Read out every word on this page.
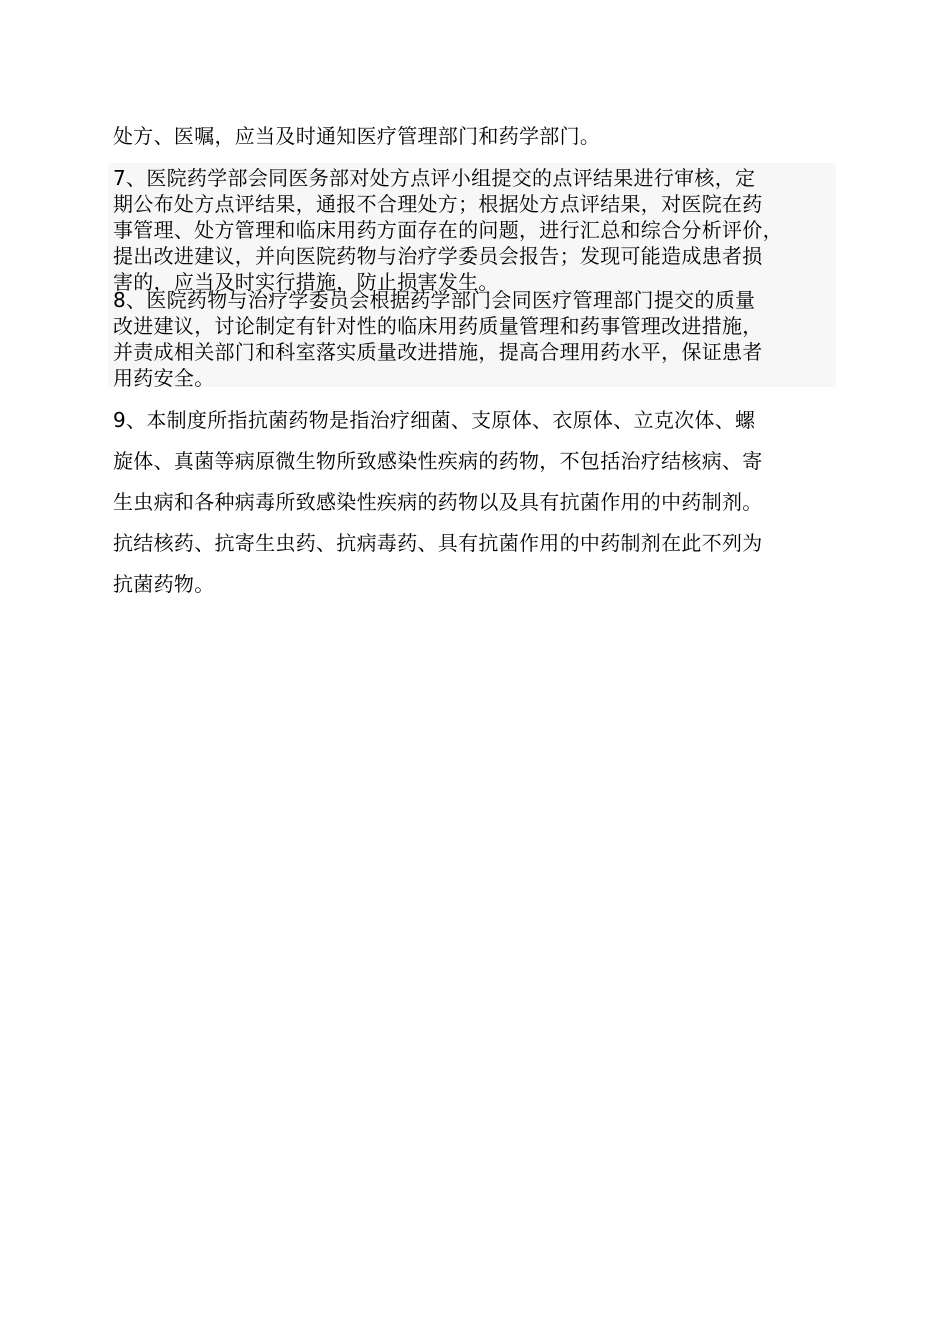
处方、医嘱，应当及时通知医疗管理部门和药学部门。
7、医院药学部会同医务部对处方点评小组提交的点评结果进行审核，定
期公布处方点评结果，通报不合理处方；根据处方点评结果，对医院在药
事管理、处方管理和临床用药方面存在的问题，进行汇总和综合分析评价，
提出改进建议，并向医院药物与治疗学委员会报告；发现可能造成患者损
害的，应当及时实行措施，防止损害发生。
8、医院药物与治疗学委员会根据药学部门会同医疗管理部门提交的质量
改进建议，讨论制定有针对性的临床用药质量管理和药事管理改进措施，
并责成相关部门和科室落实质量改进措施，提高合理用药水平，保证患者
用药安全。
9、本制度所指抗菌药物是指治疗细菌、支原体、衣原体、立克次体、螺
旋体、真菌等病原微生物所致感染性疾病的药物，不包括治疗结核病、寄
生虫病和各种病毒所致感染性疾病的药物以及具有抗菌作用的中药制剂。
抗结核药、抗寄生虫药、抗病毒药、具有抗菌作用的中药制剂在此不列为
抗菌药物。
